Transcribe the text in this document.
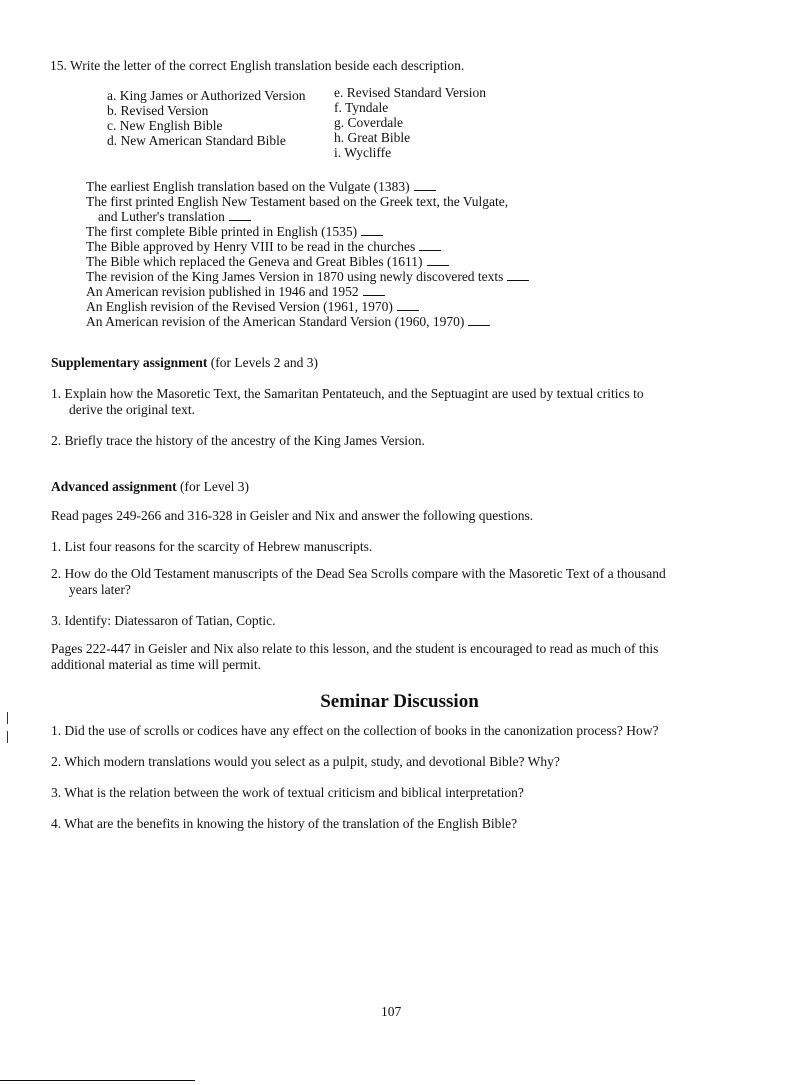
15. Write the letter of the correct English translation beside each description.
a. King James or Authorized Version
b. Revised Version
c. New English Bible
d. New American Standard Bible
e. Revised Standard Version
f. Tyndale
g. Coverdale
h. Great Bible
i. Wycliffe
The earliest English translation based on the Vulgate (1383)
The first printed English New Testament based on the Greek text, the Vulgate,
and Luther's translation
The first complete Bible printed in English (1535)
The Bible approved by Henry VIII to be read in the churches
The Bible which replaced the Geneva and Great Bibles (1611)
The revision of the King James Version in 1870 using newly discovered texts
An American revision published in 1946 and 1952
An English revision of the Revised Version (1961, 1970)
An American revision of the American Standard Version (1960, 1970)
Supplementary assignment (for Levels 2 and 3)
1. Explain how the Masoretic Text, the Samaritan Pentateuch, and the Septuagint are used by textual critics to
derive the original text.
2. Briefly trace the history of the ancestry of the King James Version.
Advanced assignment (for Level 3)
Read pages 249-266 and 316-328 in Geisler and Nix and answer the following questions.
1. List four reasons for the scarcity of Hebrew manuscripts.
2. How do the Old Testament manuscripts of the Dead Sea Scrolls compare with the Masoretic Text of a thousand
years later?
3. Identify: Diatessaron of Tatian, Coptic.
Pages 222-447 in Geisler and Nix also relate to this lesson, and the student is encouraged to read as much of this
additional material as time will permit.
Seminar Discussion
1. Did the use of scrolls or codices have any effect on the collection of books in the canonization process? How?
2. Which modern translations would you select as a pulpit, study, and devotional Bible? Why?
3. What is the relation between the work of textual criticism and biblical interpretation?
4. What are the benefits in knowing the history of the translation of the English Bible?
107
